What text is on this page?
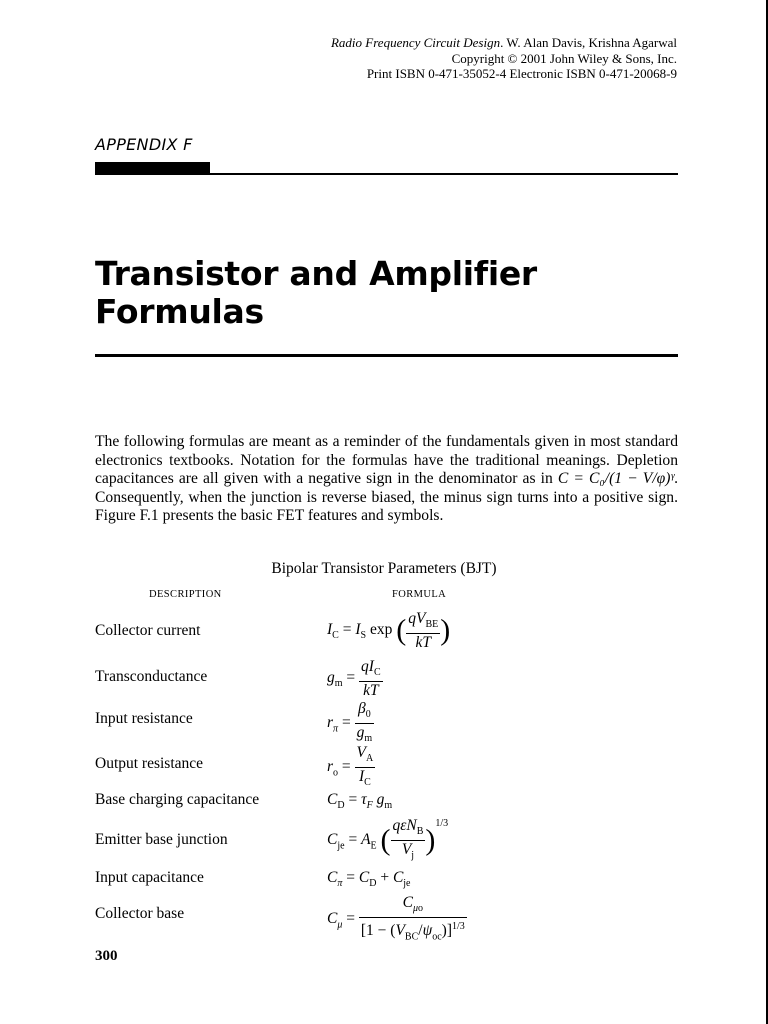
Radio Frequency Circuit Design. W. Alan Davis, Krishna Agarwal
Copyright © 2001 John Wiley & Sons, Inc.
Print ISBN 0-471-35052-4 Electronic ISBN 0-471-20068-9
APPENDIX F
Transistor and Amplifier
Formulas
The following formulas are meant as a reminder of the fundamentals given in most standard electronics textbooks. Notation for the formulas have the traditional meanings. Depletion capacitances are all given with a negative sign in the denominator as in C = C₀/(1 − V/φ)ᵞ. Consequently, when the junction is reverse biased, the minus sign turns into a positive sign. Figure F.1 presents the basic FET features and symbols.
Bipolar Transistor Parameters (BJT)
DESCRIPTION	FORMULA
Collector current	$I_C = I_S$ exp ( $\frac{qV_{BE}}{kT}$ )
Transconductance	$g_m = \frac{qI_C}{kT}$
Input resistance	$r_\pi = \frac{\beta_0}{g_m}$
Output resistance	$r_o = \frac{V_A}{I_C}$
Base charging capacitance	$C_D = \tau_F$ $g_m$
Emitter base junction	$C_{je} = A_E$ ( $\frac{q\varepsilon N_B}{V_j} )^{1/3}$
Input capacitance	$C_\pi = C_D + C_{je}$
Collector base	$C_\mu = \frac{C_{\mu o}}{[1 - (V_{BC}/\psi_{oc})]^{1/3}}$
300
